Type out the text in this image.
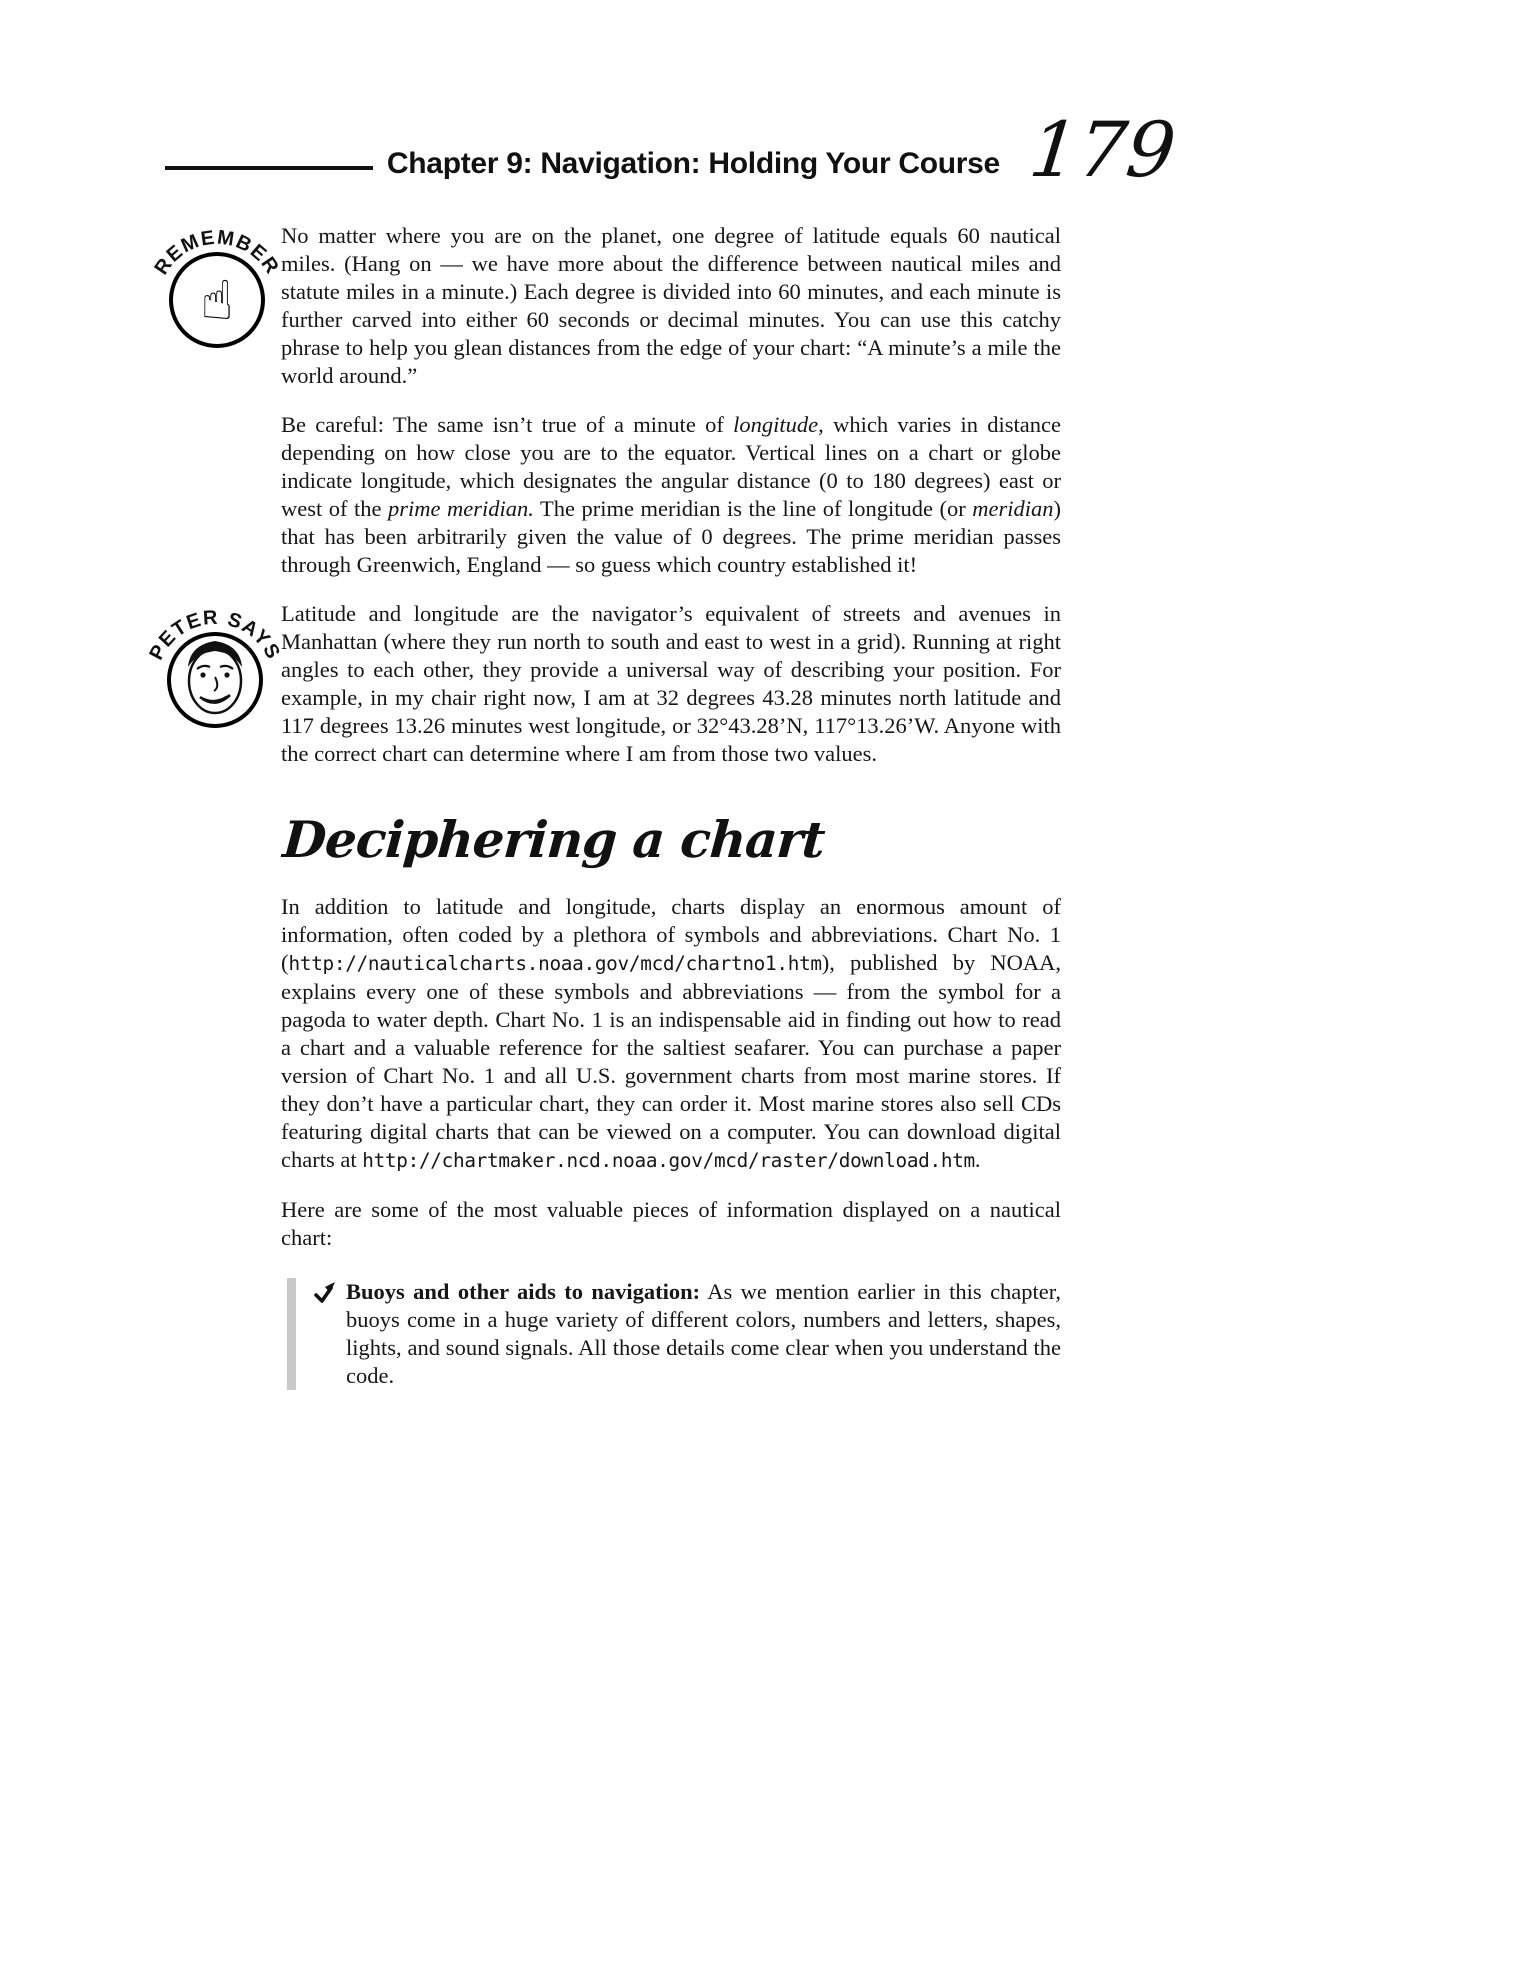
Chapter 9: Navigation: Holding Your Course 179
REMEMBER
☝
PETER SAYS

No matter where you are on the planet, one degree of latitude equals 60 nautical miles. (Hang on — we have more about the difference between nautical miles and statute miles in a minute.) Each degree is divided into 60 minutes, and each minute is further carved into either 60 seconds or decimal minutes. You can use this catchy phrase to help you glean distances from the edge of your chart: “A minute’s a mile the world around.”

Be careful: The same isn’t true of a minute of longitude, which varies in distance depending on how close you are to the equator. Vertical lines on a chart or globe indicate longitude, which designates the angular distance (0 to 180 degrees) east or west of the prime meridian. The prime meridian is the line of longitude (or meridian) that has been arbitrarily given the value of 0 degrees. The prime meridian passes through Greenwich, England — so guess which country established it!

Latitude and longitude are the navigator’s equivalent of streets and avenues in Manhattan (where they run north to south and east to west in a grid). Running at right angles to each other, they provide a universal way of describing your position. For example, in my chair right now, I am at 32 degrees 43.28 minutes north latitude and 117 degrees 13.26 minutes west longitude, or 32°43.28’N, 117°13.26’W. Anyone with the correct chart can determine where I am from those two values.

Deciphering a chart

In addition to latitude and longitude, charts display an enormous amount of information, often coded by a plethora of symbols and abbreviations. Chart No. 1 (http://nauticalcharts.noaa.gov/mcd/chartno1.htm), published by NOAA, explains every one of these symbols and abbreviations — from the symbol for a pagoda to water depth. Chart No. 1 is an indispensable aid in finding out how to read a chart and a valuable reference for the saltiest seafarer. You can purchase a paper version of Chart No. 1 and all U.S. government charts from most marine stores. If they don’t have a particular chart, they can order it. Most marine stores also sell CDs featuring digital charts that can be viewed on a computer. You can download digital charts at http://chartmaker.ncd.noaa.gov/mcd/raster/download.htm.

Here are some of the most valuable pieces of information displayed on a nautical chart:

Buoys and other aids to navigation: As we mention earlier in this chapter, buoys come in a huge variety of different colors, numbers and letters, shapes, lights, and sound signals. All those details come clear when you understand the code.
